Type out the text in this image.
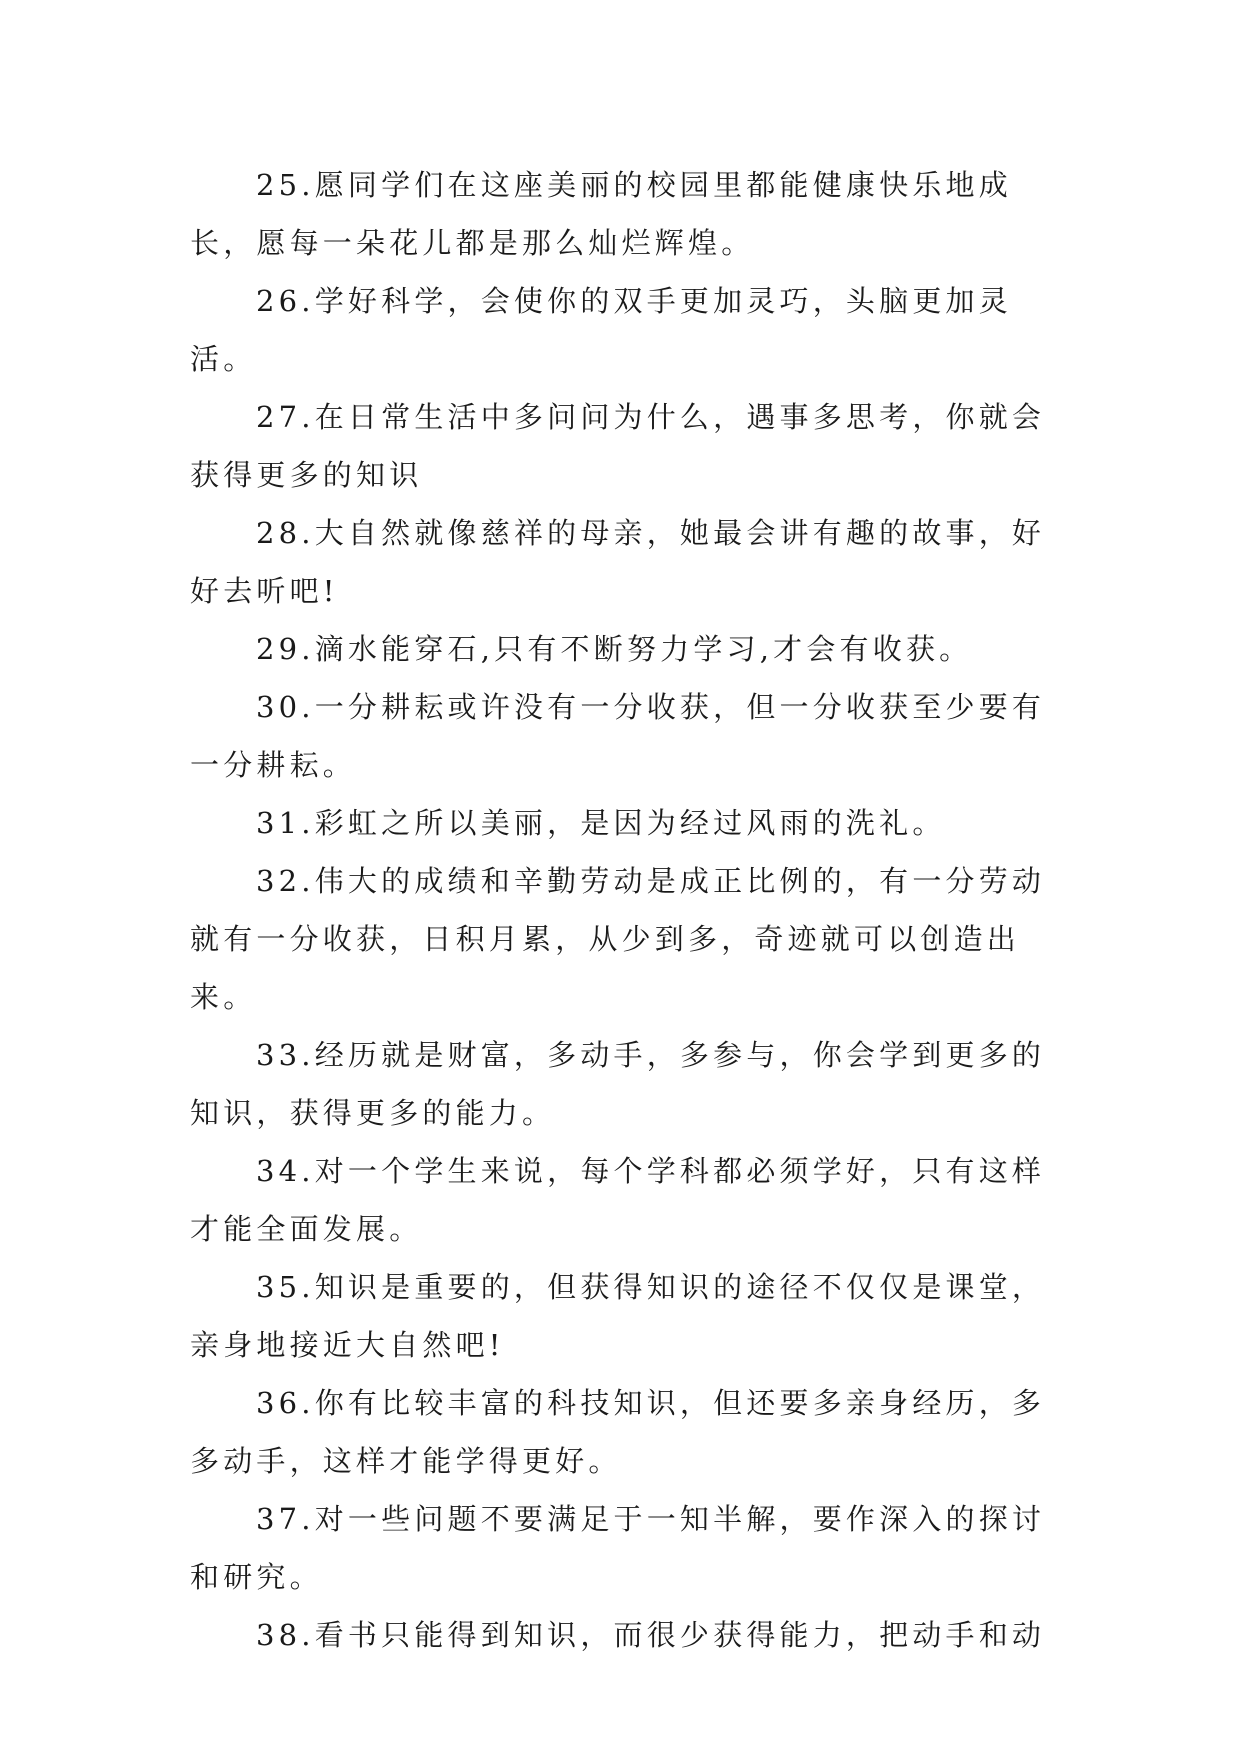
25.愿同学们在这座美丽的校园里都能健康快乐地成长，愿每一朵花儿都是那么灿烂辉煌。

26.学好科学，会使你的双手更加灵巧，头脑更加灵活。

27.在日常生活中多问问为什么，遇事多思考，你就会获得更多的知识

28.大自然就像慈祥的母亲，她最会讲有趣的故事，好好去听吧!

29.滴水能穿石,只有不断努力学习,才会有收获。

30.一分耕耘或许没有一分收获，但一分收获至少要有一分耕耘。

31.彩虹之所以美丽，是因为经过风雨的洗礼。

32.伟大的成绩和辛勤劳动是成正比例的，有一分劳动就有一分收获，日积月累，从少到多，奇迹就可以创造出来。

33.经历就是财富，多动手，多参与，你会学到更多的知识，获得更多的能力。

34.对一个学生来说，每个学科都必须学好，只有这样才能全面发展。

35.知识是重要的，但获得知识的途径不仅仅是课堂，亲身地接近大自然吧!

36.你有比较丰富的科技知识，但还要多亲身经历，多多动手，这样才能学得更好。

37.对一些问题不要满足于一知半解，要作深入的探讨和研究。

38.看书只能得到知识，而很少获得能力，把动手和动
